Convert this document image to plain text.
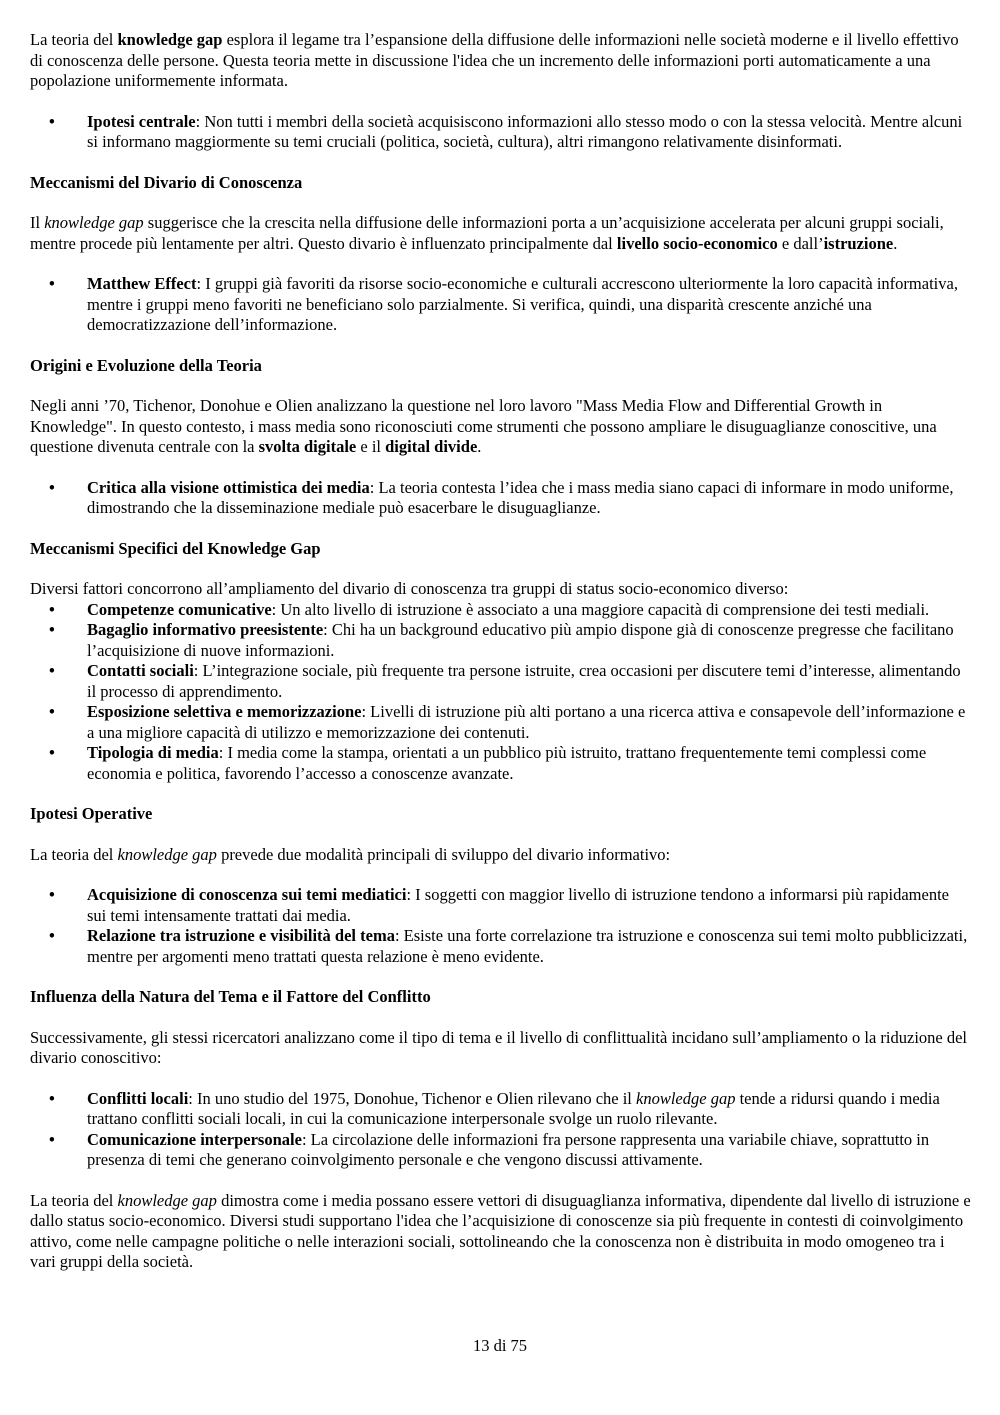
La teoria del knowledge gap esplora il legame tra l’espansione della diffusione delle informazioni nelle società moderne e il livello effettivo di conoscenza delle persone. Questa teoria mette in discussione l'idea che un incremento delle informazioni porti automaticamente a una popolazione uniformemente informata.

• Ipotesi centrale: Non tutti i membri della società acquisiscono informazioni allo stesso modo o con la stessa velocità. Mentre alcuni si informano maggiormente su temi cruciali (politica, società, cultura), altri rimangono relativamente disinformati.
Meccanismi del Divario di Conoscenza

Il knowledge gap suggerisce che la crescita nella diffusione delle informazioni porta a un’acquisizione accelerata per alcuni gruppi sociali, mentre procede più lentamente per altri. Questo divario è influenzato principalmente dal livello socio-economico e dall’istruzione.

• Matthew Effect: I gruppi già favoriti da risorse socio-economiche e culturali accrescono ulteriormente la loro capacità informativa, mentre i gruppi meno favoriti ne beneficiano solo parzialmente. Si verifica, quindi, una disparità crescente anziché una democratizzazione dell’informazione.
Origini e Evoluzione della Teoria

Negli anni ’70, Tichenor, Donohue e Olien analizzano la questione nel loro lavoro "Mass Media Flow and Differential Growth in Knowledge". In questo contesto, i mass media sono riconosciuti come strumenti che possono ampliare le disuguaglianze conoscitive, una questione divenuta centrale con la svolta digitale e il digital divide.

• Critica alla visione ottimistica dei media: La teoria contesta l’idea che i mass media siano capaci di informare in modo uniforme, dimostrando che la disseminazione mediale può esacerbare le disuguaglianze.
Meccanismi Specifici del Knowledge Gap

Diversi fattori concorrono all’ampliamento del divario di conoscenza tra gruppi di status socio-economico diverso:

• Competenze comunicative: Un alto livello di istruzione è associato a una maggiore capacità di comprensione dei testi mediali.
• Bagaglio informativo preesistente: Chi ha un background educativo più ampio dispone già di conoscenze pregresse che facilitano l’acquisizione di nuove informazioni.
• Contatti sociali: L’integrazione sociale, più frequente tra persone istruite, crea occasioni per discutere temi d’interesse, alimentando il processo di apprendimento.
• Esposizione selettiva e memorizzazione: Livelli di istruzione più alti portano a una ricerca attiva e consapevole dell’informazione e a una migliore capacità di utilizzo e memorizzazione dei contenuti.
• Tipologia di media: I media come la stampa, orientati a un pubblico più istruito, trattano frequentemente temi complessi come economia e politica, favorendo l’accesso a conoscenze avanzate.
Ipotesi Operative

La teoria del knowledge gap prevede due modalità principali di sviluppo del divario informativo:

• Acquisizione di conoscenza sui temi mediatici: I soggetti con maggior livello di istruzione tendono a informarsi più rapidamente sui temi intensamente trattati dai media.
• Relazione tra istruzione e visibilità del tema: Esiste una forte correlazione tra istruzione e conoscenza sui temi molto pubblicizzati, mentre per argomenti meno trattati questa relazione è meno evidente.
Influenza della Natura del Tema e il Fattore del Conflitto

Successivamente, gli stessi ricercatori analizzano come il tipo di tema e il livello di conflittualità incidano sull’ampliamento o la riduzione del divario conoscitivo:

• Conflitti locali: In uno studio del 1975, Donohue, Tichenor e Olien rilevano che il knowledge gap tende a ridursi quando i media trattano conflitti sociali locali, in cui la comunicazione interpersonale svolge un ruolo rilevante.
• Comunicazione interpersonale: La circolazione delle informazioni fra persone rappresenta una variabile chiave, soprattutto in presenza di temi che generano coinvolgimento personale e che vengono discussi attivamente.

La teoria del knowledge gap dimostra come i media possano essere vettori di disuguaglianza informativa, dipendente dal livello di istruzione e dallo status socio-economico. Diversi studi supportano l'idea che l’acquisizione di conoscenze sia più frequente in contesti di coinvolgimento attivo, come nelle campagne politiche o nelle interazioni sociali, sottolineando che la conoscenza non è distribuita in modo omogeneo tra i vari gruppi della società.

13 di 75
